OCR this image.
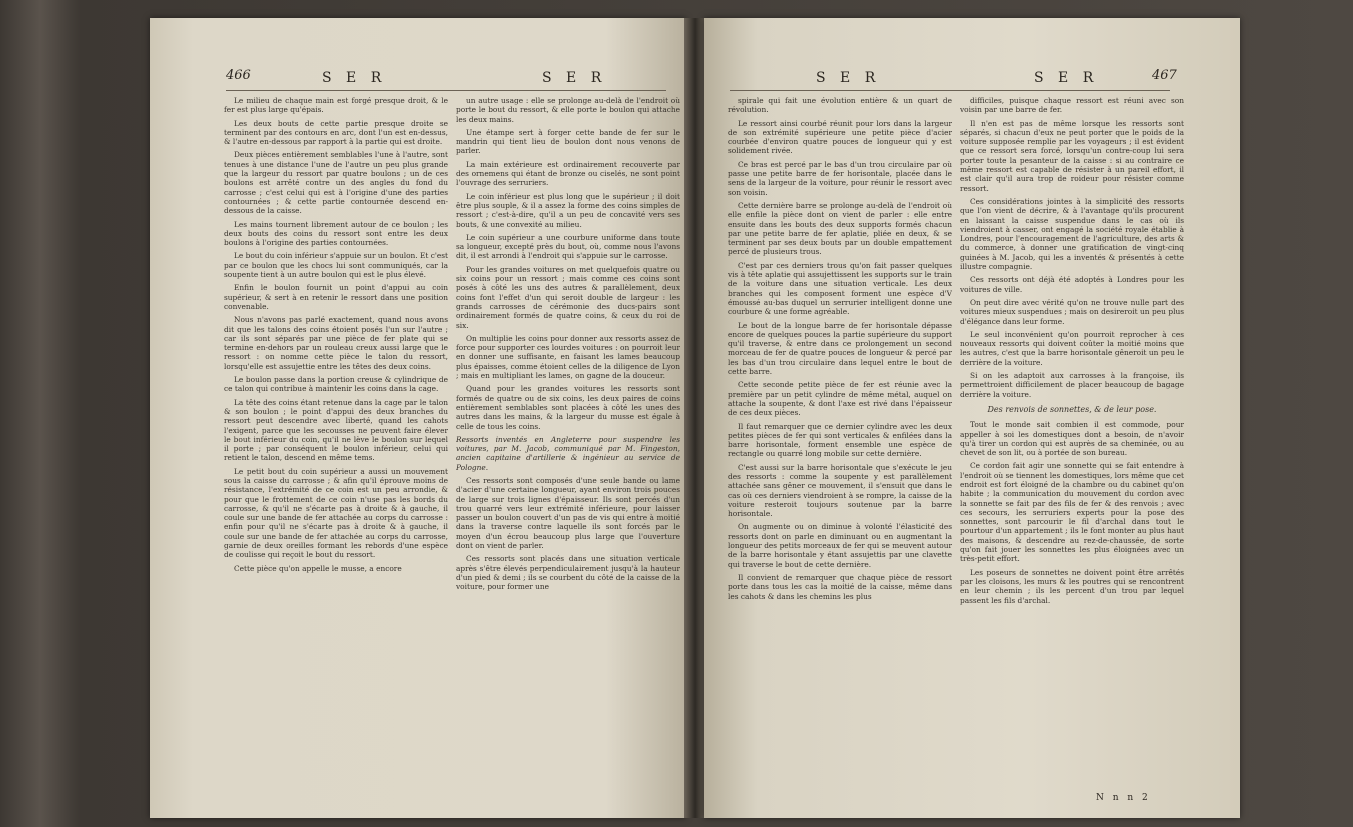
466	S E R	S E R

Le milieu de chaque main est forgé presque droit, & le fer est plus large qu'épais.

Les deux bouts de cette partie presque droite se terminent par des contours en arc, dont l'un est en-dessus, & l'autre en-dessous par rapport à la partie qui est droite.

Deux pièces entièrement semblables l'une à l'autre, sont tenues à une distance l'une de l'autre un peu plus grande que la largeur du ressort par quatre boulons ; un de ces boulons est arrêté contre un des angles du fond du carrosse ; c'est celui qui est à l'origine d'une des parties contournées ; & cette partie contournée descend en-dessous de la caisse.

Les mains tournent librement autour de ce boulon ; les deux bouts des coins du ressort sont entre les deux boulons à l'origine des parties contournées.

Le bout du coin inférieur s'appuie sur un boulon. Et c'est par ce boulon que les chocs lui sont communiqués, car la soupente tient à un autre boulon qui est le plus élevé.

Enfin le boulon fournit un point d'appui au coin supérieur, & sert à en retenir le ressort dans une position convenable.

Nous n'avons pas parlé exactement, quand nous avons dit que les talons des coins étoient posés l'un sur l'autre ; car ils sont séparés par une pièce de fer plate qui se termine en-dehors par un rouleau creux aussi large que le ressort : on nomme cette pièce le talon du ressort, lorsqu'elle est assujettie entre les têtes des deux coins.

Le boulon passe dans la portion creuse & cylindrique de ce talon qui contribue à maintenir les coins dans la cage.

La tête des coins étant retenue dans la cage par le talon & son boulon ; le point d'appui des deux branches du ressort peut descendre avec liberté, quand les cahots l'exigent, parce que les secousses ne peuvent faire élever le bout inférieur du coin, qu'il ne lève le boulon sur lequel il porte ; par conséquent le boulon inférieur, celui qui retient le talon, descend en même tems.

Le petit bout du coin supérieur a aussi un mouvement sous la caisse du carrosse ; & afin qu'il éprouve moins de résistance, l'extrémité de ce coin est un peu arrondie, & pour que le frottement de ce coin n'use pas les bords du carrosse, & qu'il ne s'écarte pas à droite & à gauche, il coule sur une bande de fer attachée au corps du carrosse : enfin pour qu'il ne s'écarte pas à droite & à gauche, il coule sur une bande de fer attachée au corps du carrosse, garnie de deux oreilles formant les rebords d'une espèce de coulisse qui reçoit le bout du ressort.

Cette pièce qu'on appelle le musse, a encore

un autre usage : elle se prolonge au-delà de l'endroit où porte le bout du ressort, & elle porte le boulon qui attache les deux mains.

Une étampe sert à forger cette bande de fer sur le mandrin qui tient lieu de boulon dont nous venons de parler.

La main extérieure est ordinairement recouverte par des ornemens qui étant de bronze ou ciselés, ne sont point l'ouvrage des serruriers.

Le coin inférieur est plus long que le supérieur ; il doit être plus souple, & il a assez la forme des coins simples de ressort ; c'est-à-dire, qu'il a un peu de concavité vers ses bouts, & une convexité au milieu.

Le coin supérieur a une courbure uniforme dans toute sa longueur, excepté près du bout, où, comme nous l'avons dit, il est arrondi à l'endroit qui s'appuie sur le carrosse.

Pour les grandes voitures on met quelquefois quatre ou six coins pour un ressort ; mais comme ces coins sont posés à côté les uns des autres & parallèlement, deux coins font l'effet d'un qui seroit double de largeur : les grands carrosses de cérémonie des ducs-pairs sont ordinairement formés de quatre coins, & ceux du roi de six.

On multiplie les coins pour donner aux ressorts assez de force pour supporter ces lourdes voitures : on pourroit leur en donner une suffisante, en faisant les lames beaucoup plus épaisses, comme étoient celles de la diligence de Lyon ; mais en multipliant les lames, on gagne de la douceur.

Quand pour les grandes voitures les ressorts sont formés de quatre ou de six coins, les deux paires de coins entièrement semblables sont placées à côté les unes des autres dans les mains, & la largeur du musse est égale à celle de tous les coins.

Ressorts inventés en Angleterre pour suspendre les voitures, par M. Jacob, communiqué par M. Fingeston, ancien capitaine d'artillerie & ingénieur au service de Pologne.

Ces ressorts sont composés d'une seule bande ou lame d'acier d'une certaine longueur, ayant environ trois pouces de large sur trois lignes d'épaisseur. Ils sont percés d'un trou quarré vers leur extrémité inférieure, pour laisser passer un boulon couvert d'un pas de vis qui entre à moitié dans la traverse contre laquelle ils sont forcés par le moyen d'un écrou beaucoup plus large que l'ouverture dont on vient de parler.

Ces ressorts sont placés dans une situation verticale après s'être élevés perpendiculairement jusqu'à la hauteur d'un pied & demi ; ils se courbent du côté de la caisse de la voiture, pour former une

S E R	S E R	467

spirale qui fait une évolution entière & un quart de révolution.

Le ressort ainsi courbé réunit pour lors dans la largeur de son extrémité supérieure une petite pièce d'acier courbée d'environ quatre pouces de longueur qui y est solidement rivée.

Ce bras est percé par le bas d'un trou circulaire par où passe une petite barre de fer horisontale, placée dans le sens de la largeur de la voiture, pour réunir le ressort avec son voisin.

Cette dernière barre se prolonge au-delà de l'endroit où elle enfile la pièce dont on vient de parler : elle entre ensuite dans les bouts des deux supports formés chacun par une petite barre de fer aplatie, pliée en deux, & se terminent par ses deux bouts par un double empattement percé de plusieurs trous.

C'est par ces derniers trous qu'on fait passer quelques vis à tête aplatie qui assujettissent les supports sur le train de la voiture dans une situation verticale. Les deux branches qui les composent forment une espèce d'V émoussé au-bas duquel un serrurier intelligent donne une courbure & une forme agréable.

Le bout de la longue barre de fer horisontale dépasse encore de quelques pouces la partie supérieure du support qu'il traverse, & entre dans ce prolongement un second morceau de fer de quatre pouces de longueur & percé par les bas d'un trou circulaire dans lequel entre le bout de cette barre.

Cette seconde petite pièce de fer est réunie avec la première par un petit cylindre de même métal, auquel on attache la soupente, & dont l'axe est rivé dans l'épaisseur de ces deux pièces.

Il faut remarquer que ce dernier cylindre avec les deux petites pièces de fer qui sont verticales & enfilées dans la barre horisontale, forment ensemble une espèce de rectangle ou quarré long mobile sur cette dernière.

C'est aussi sur la barre horisontale que s'exécute le jeu des ressorts : comme la soupente y est parallèlement attachée sans gêner ce mouvement, il s'ensuit que dans le cas où ces derniers viendroient à se rompre, la caisse de la voiture resteroit toujours soutenue par la barre horisontale.

On augmente ou on diminue à volonté l'élasticité des ressorts dont on parle en diminuant ou en augmentant la longueur des petits morceaux de fer qui se meuvent autour de la barre horisontale y étant assujettis par une clavette qui traverse le bout de cette dernière.

Il convient de remarquer que chaque pièce de ressort porte dans tous les cas la moitié de la caisse, même dans les cahots & dans les chemins les plus

difficiles, puisque chaque ressort est réuni avec son voisin par une barre de fer.

Il n'en est pas de même lorsque les ressorts sont séparés, si chacun d'eux ne peut porter que le poids de la voiture supposée remplie par les voyageurs ; il est évident que ce ressort sera forcé, lorsqu'un contre-coup lui sera porter toute la pesanteur de la caisse : si au contraire ce même ressort est capable de résister à un pareil effort, il est clair qu'il aura trop de roideur pour résister comme ressort.

Ces considérations jointes à la simplicité des ressorts que l'on vient de décrire, & à l'avantage qu'ils procurent en laissant la caisse suspendue dans le cas où ils viendroient à casser, ont engagé la société royale établie à Londres, pour l'encouragement de l'agriculture, des arts & du commerce, à donner une gratification de vingt-cinq guinées à M. Jacob, qui les a inventés & présentés à cette illustre compagnie.

Ces ressorts ont déjà été adoptés à Londres pour les voitures de ville.

On peut dire avec vérité qu'on ne trouve nulle part des voitures mieux suspendues ; mais on desireroit un peu plus d'élégance dans leur forme.

Le seul inconvénient qu'on pourroit reprocher à ces nouveaux ressorts qui doivent coûter la moitié moins que les autres, c'est que la barre horisontale gêneroit un peu le derrière de la voiture.

Si on les adaptoit aux carrosses à la françoise, ils permettroient difficilement de placer beaucoup de bagage derrière la voiture.

Des renvois de sonnettes, & de leur pose.

Tout le monde sait combien il est commode, pour appeller à soi les domestiques dont a besoin, de n'avoir qu'à tirer un cordon qui est auprès de sa cheminée, ou au chevet de son lit, ou à portée de son bureau.

Ce cordon fait agir une sonnette qui se fait entendre à l'endroit où se tiennent les domestiques, lors même que cet endroit est fort éloigné de la chambre ou du cabinet qu'on habite ; la communication du mouvement du cordon avec la sonnette se fait par des fils de fer & des renvois ; avec ces secours, les serruriers experts pour la pose des sonnettes, sont parcourir le fil d'archal dans tout le pourtour d'un appartement ; ils le font monter au plus haut des maisons, & descendre au rez-de-chaussée, de sorte qu'on fait jouer les sonnettes les plus éloignées avec un très-petit effort.

Les poseurs de sonnettes ne doivent point être arrêtés par les cloisons, les murs & les poutres qui se rencontrent en leur chemin ; ils les percent d'un trou par lequel passent les fils d'archal.

N n n 2
